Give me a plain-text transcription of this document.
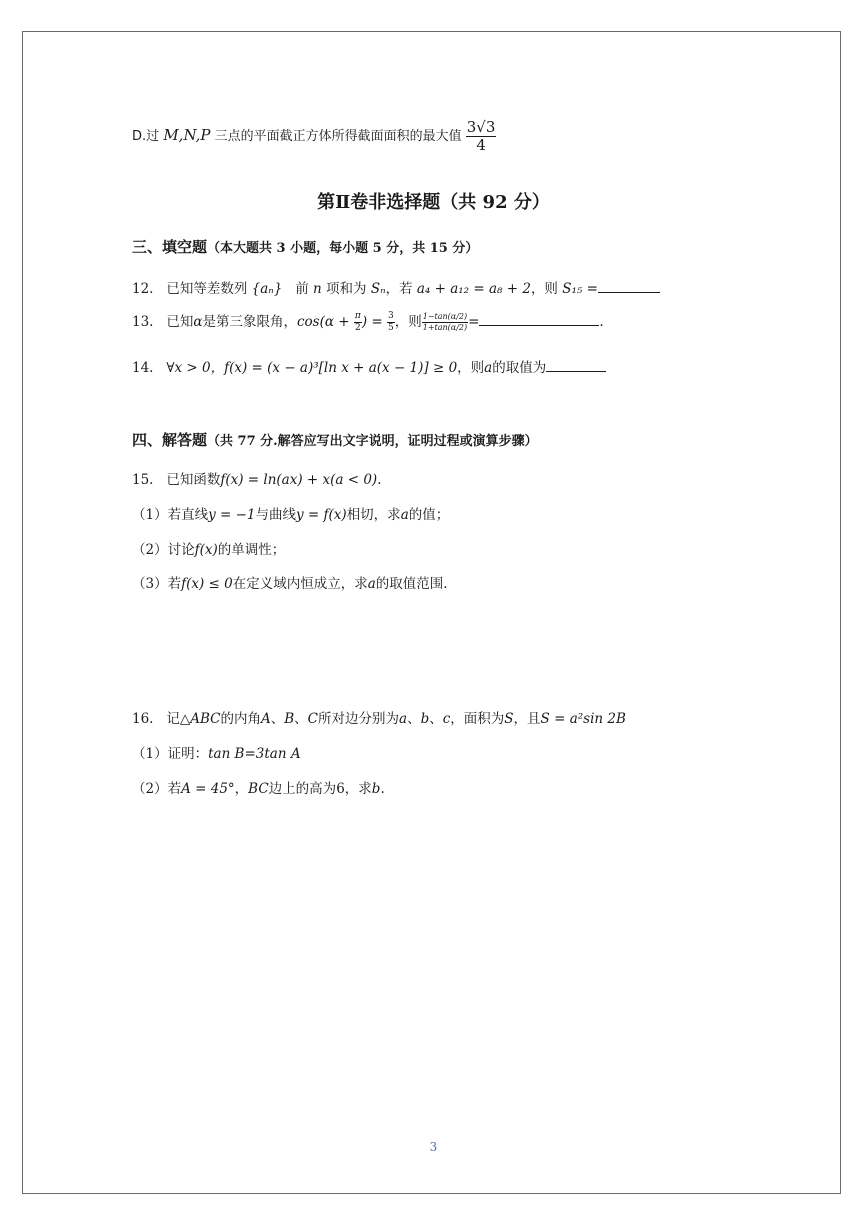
D.过 M,N,P 三点的平面截正方体所得截面面积的最大值 $\frac{3√3}{4}$
第Ⅱ卷非选择题（共 92 分）
三、填空题（本大题共 3 小题，每小题 5 分，共 15 分）
12. 已知等差数列 {aₙ} 前 n 项和为 Sₙ，若 a₄ + a₁₂ = a₈ + 2，则 S₁₅ =
13. 已知α是第三象限角，$\cos(\alpha + \frac{\pi}{2}$ ) = $\frac{3}{5}$ ，则 $\frac{1-\tan(\alpha/2)}{1+\tan(\alpha/2)}$ =	.
14. ∀x > 0，f(x) = (x − a)³[ln x + a(x − 1)] ≥ 0，则a的取值为
四、解答题（共 77 分.解答应写出文字说明，证明过程或演算步骤）
15. 已知函数f(x) = ln(ax) + x(a < 0).
（1）若直线y = −1与曲线y = f(x)相切，求a的值；
（2）讨论f(x)的单调性；
（3）若f(x) ≤ 0在定义域内恒成立，求a的取值范围.
16. 记△ABC的内角A、B、C所对边分别为a、b、c，面积为S，且S = a²sin 2B
（1）证明：tan B=3tan A
（2）若A = 45°，BC边上的高为6，求b.
3
